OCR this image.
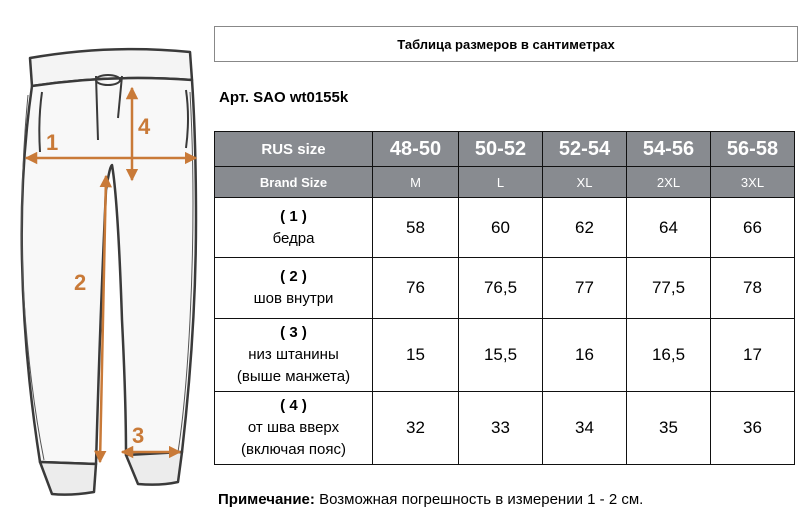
1
4
2
3
Таблица размеров в сантиметрах
Арт. SAO wt0155k
RUS size	48-50	50-52	52-54	54-56	56-58
Brand Size	M	L	XL	2XL	3XL

( 1 )
бедра	58	60	62	64	66

( 2 )
шов внутри	76	76,5	77	77,5	78

( 3 )
низ штанины
(выше манжета)	15	15,5	16	16,5	17

( 4 )
от шва вверх
(включая пояс)	32	33	34	35	36
Примечание: Возможная погрешность в измерении 1 - 2 см.
